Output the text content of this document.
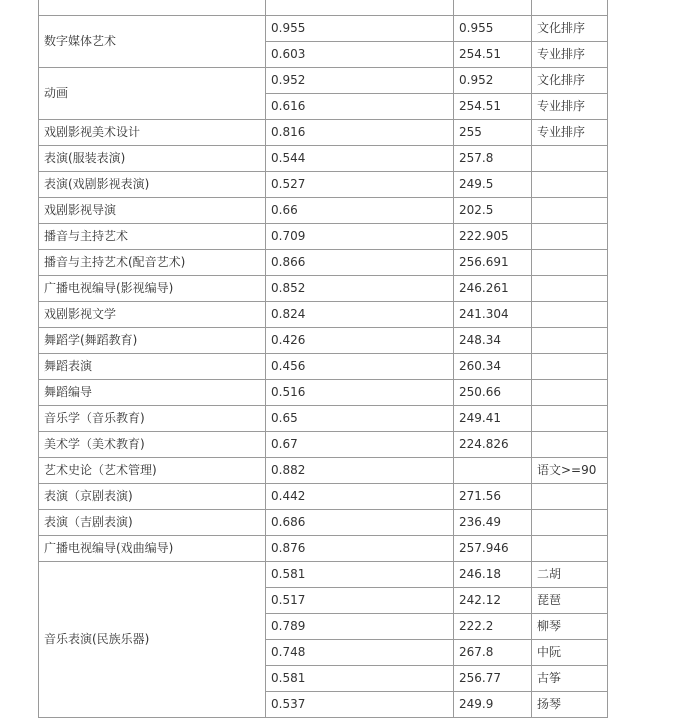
数字媒体艺术	0.955	0.955	文化排序
	0.603	254.51	专业排序
动画	0.952	0.952	文化排序
	0.616	254.51	专业排序
戏剧影视美术设计	0.816	255	专业排序
表演(服装表演)	0.544	257.8	
表演(戏剧影视表演)	0.527	249.5	
戏剧影视导演	0.66	202.5	
播音与主持艺术	0.709	222.905	
播音与主持艺术(配音艺术)	0.866	256.691	
广播电视编导(影视编导)	0.852	246.261	
戏剧影视文学	0.824	241.304	
舞蹈学(舞蹈教育)	0.426	248.34	
舞蹈表演	0.456	260.34	
舞蹈编导	0.516	250.66	
音乐学（音乐教育)	0.65	249.41	
美术学（美术教育)	0.67	224.826	
艺术史论（艺术管理)	0.882		语文>=90
表演（京剧表演)	0.442	271.56	
表演（吉剧表演)	0.686	236.49	
广播电视编导(戏曲编导)	0.876	257.946	
音乐表演(民族乐器)	0.581	246.18	二胡
	0.517	242.12	琵琶
	0.789	222.2	柳琴
	0.748	267.8	中阮
	0.581	256.77	古筝
	0.537	249.9	扬琴
